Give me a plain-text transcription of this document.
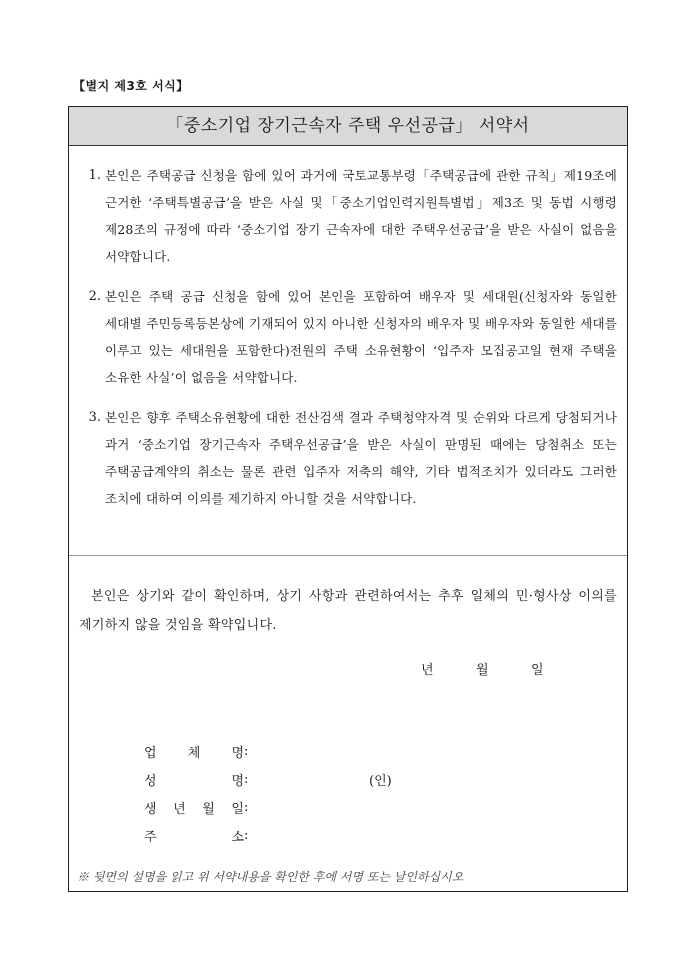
【별지 제3호 서식】
「중소기업 장기근속자 주택 우선공급」 서약서
1. 본인은 주택공급 신청을 함에 있어 과거에 국토교통부령「주택공급에 관한 규칙」제19조에 근거한 ‘주택특별공급’을 받은 사실 및「중소기업인력지원특별법」제3조 및 동법 시행령 제28조의 규정에 따라 ‘중소기업 장기 근속자에 대한 주택우선공급’을 받은 사실이 없음을 서약합니다.
2. 본인은 주택 공급 신청을 함에 있어 본인을 포함하여 배우자 및 세대원(신청자와 동일한 세대별 주민등록등본상에 기재되어 있지 아니한 신청자의 배우자 및 배우자와 동일한 세대를 이루고 있는 세대원을 포함한다)전원의 주택 소유현황이 ‘입주자 모집공고일 현재 주택을 소유한 사실’이 없음을 서약합니다.
3. 본인은 향후 주택소유현황에 대한 전산검색 결과 주택청약자격 및 순위와 다르게 당첨되거나 과거 ‘중소기업 장기근속자 주택우선공급’을 받은 사실이 판명된 때에는 당첨취소 또는 주택공급계약의 취소는 물론 관련 입주자 저축의 해약, 기타 법적조치가 있더라도 그러한 조치에 대하여 이의를 제기하지 아니할 것을 서약합니다.
본인은 상기와 같이 확인하며, 상기 사항과 관련하여서는 추후 일체의 민·형사상 이의를 제기하지 않을 것임을 확약입니다.
년	월	일
업 체 명 :
성	명 :	(인)
생 년 월 일 :
주	소 :
※ 뒷면의 설명을 읽고 위 서약내용을 확인한 후에 서명 또는 날인하십시오
